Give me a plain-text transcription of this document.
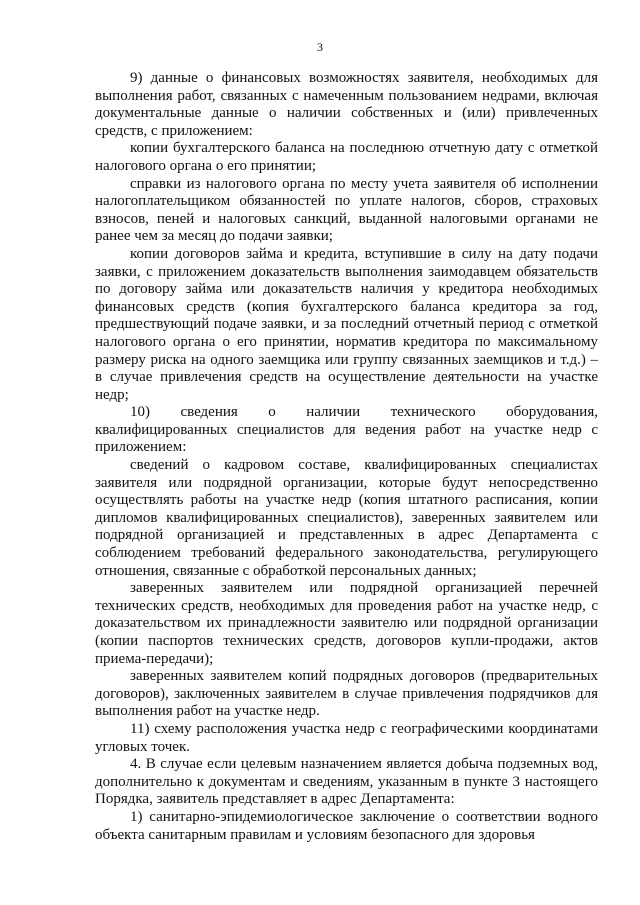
3

9) данные о финансовых возможностях заявителя, необходимых для выполнения работ, связанных с намеченным пользованием недрами, включая документальные данные о наличии собственных и (или) привлеченных средств, с приложением:

копии бухгалтерского баланса на последнюю отчетную дату с отметкой налогового органа о его принятии;

справки из налогового органа по месту учета заявителя об исполнении налогоплательщиком обязанностей по уплате налогов, сборов, страховых взносов, пеней и налоговых санкций, выданной налоговыми органами не ранее чем за месяц до подачи заявки;

копии договоров займа и кредита, вступившие в силу на дату подачи заявки, с приложением доказательств выполнения заимодавцем обязательств по договору займа или доказательств наличия у кредитора необходимых финансовых средств (копия бухгалтерского баланса кредитора за год, предшествующий подаче заявки, и за последний отчетный период с отметкой налогового органа о его принятии, норматив кредитора по максимальному размеру риска на одного заемщика или группу связанных заемщиков и т.д.) – в случае привлечения средств на осуществление деятельности на участке недр;

10) сведения о наличии технического оборудования, квалифицированных специалистов для ведения работ на участке недр с приложением:

сведений о кадровом составе, квалифицированных специалистах заявителя или подрядной организации, которые будут непосредственно осуществлять работы на участке недр (копия штатного расписания, копии дипломов квалифицированных специалистов), заверенных заявителем или подрядной организацией и представленных в адрес Департамента с соблюдением требований федерального законодательства, регулирующего отношения, связанные с обработкой персональных данных;

заверенных заявителем или подрядной организацией перечней технических средств, необходимых для проведения работ на участке недр, с доказательством их принадлежности заявителю или подрядной организации (копии паспортов технических средств, договоров купли-продажи, актов приема-передачи);

заверенных заявителем копий подрядных договоров (предварительных договоров), заключенных заявителем в случае привлечения подрядчиков для выполнения работ на участке недр.

11) схему расположения участка недр с географическими координатами угловых точек.

4. В случае если целевым назначением является добыча подземных вод, дополнительно к документам и сведениям, указанным в пункте 3 настоящего Порядка, заявитель представляет в адрес Департамента:

1) санитарно-эпидемиологическое заключение о соответствии водного объекта санитарным правилам и условиям безопасного для здоровья
